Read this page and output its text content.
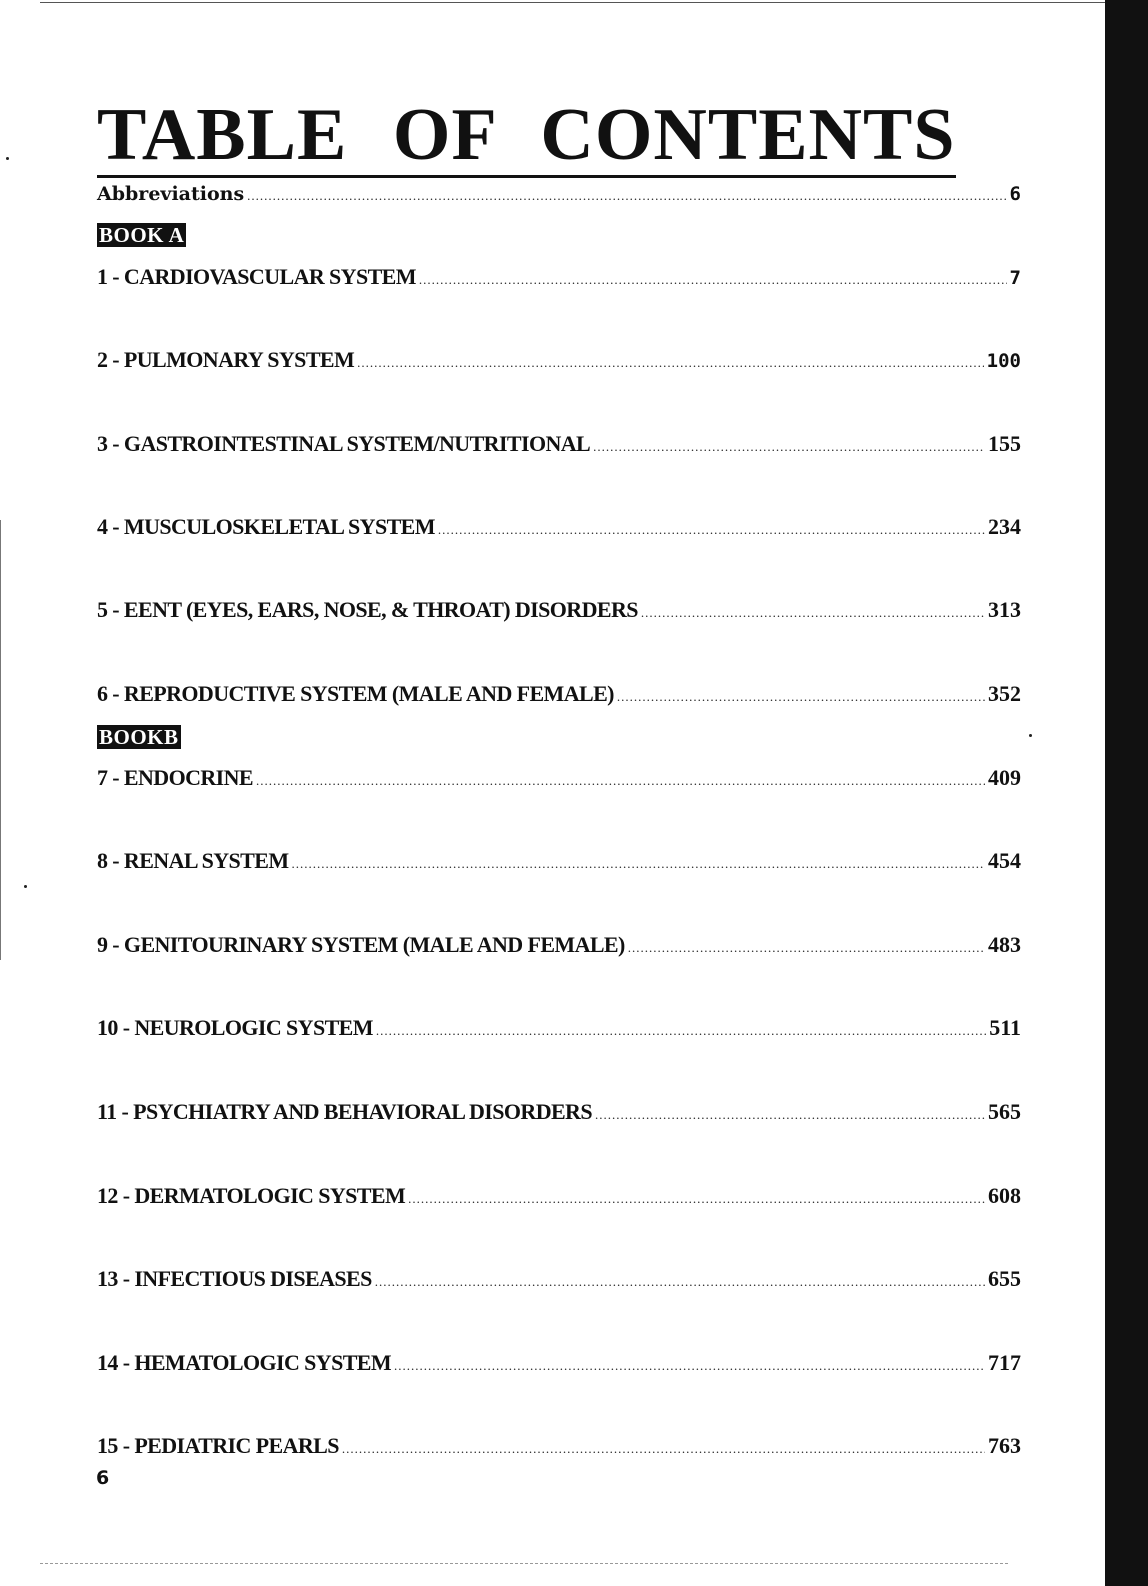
TABLE OF CONTENTS
Abbreviations .....	6
BOOK A
1 - CARDIOVASCULAR SYSTEM .....	7
2 - PULMONARY SYSTEM .....	100
3 - GASTROINTESTINAL SYSTEM/NUTRITIONAL .....	155
4 - MUSCULOSKELETAL SYSTEM .....	234
5 - EENT (EYES, EARS, NOSE, & THROAT) DISORDERS .....	313
6 - REPRODUCTIVE SYSTEM (MALE AND FEMALE) .....	352
BOOKB
7 - ENDOCRINE .....	409
8 - RENAL SYSTEM .....	454
9 - GENITOURINARY SYSTEM (MALE AND FEMALE) .....	483
10 - NEUROLOGIC SYSTEM .....	511
11 - PSYCHIATRY AND BEHAVIORAL DISORDERS .....	565
12 - DERMATOLOGIC SYSTEM .....	608
13 - INFECTIOUS DISEASES .....	655
14 - HEMATOLOGIC SYSTEM .....	717
15 - PEDIATRIC PEARLS .....	763
6
